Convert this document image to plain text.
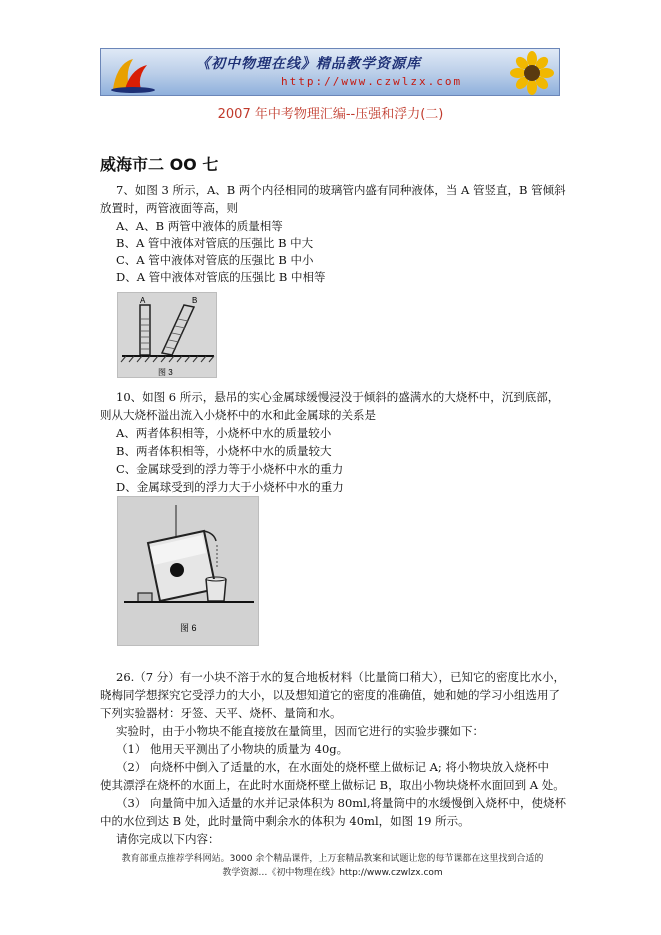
《初中物理在线》精品教学资源库
http://www.czwlzx.com
2007 年中考物理汇编--压强和浮力(二)
威海市二 OO 七
7、如图 3 所示，A、B 两个内径相同的玻璃管内盛有同种液体，当 A 管竖直，B 管倾斜
放置时，两管液面等高，则
A、A、B 两管中液体的质量相等
B、A 管中液体对管底的压强比 B 中大
C、A 管中液体对管底的压强比 B 中小
D、A 管中液体对管底的压强比 B 中相等
A	B
图 3
10、如图 6 所示，悬吊的实心金属球缓慢浸没于倾斜的盛满水的大烧杯中，沉到底部，
则从大烧杯溢出流入小烧杯中的水和此金属球的关系是
A、两者体积相等，小烧杯中水的质量较小
B、两者体积相等，小烧杯中水的质量较大
C、金属球受到的浮力等于小烧杯中水的重力
D、金属球受到的浮力大于小烧杯中水的重力
图 6
26.（7 分）有一小块不溶于水的复合地板材料（比量筒口稍大），已知它的密度比水小，
晓梅同学想探究它受浮力的大小，以及想知道它的密度的准确值，她和她的学习小组选用了
下列实验器材：牙签、天平、烧杯、量筒和水。
实验时，由于小物块不能直接放在量筒里，因而它进行的实验步骤如下：
（1） 他用天平测出了小物块的质量为 40g。
（2） 向烧杯中倒入了适量的水，在水面处的烧杯壁上做标记 A; 将小物块放入烧杯中
使其漂浮在烧杯的水面上，在此时水面烧杯壁上做标记 B，取出小物块烧杯水面回到 A 处。
（3） 向量筒中加入适量的水并记录体积为 80ml,将量筒中的水缓慢倒入烧杯中，使烧杯
中的水位到达 B 处，此时量筒中剩余水的体积为 40ml，如图 19 所示。
请你完成以下内容：
教育部重点推荐学科网站。3000 余个精品课件，上万套精品教案和试题让您的每节课都在这里找到合适的
教学资源…《初中物理在线》http://www.czwlzx.com
